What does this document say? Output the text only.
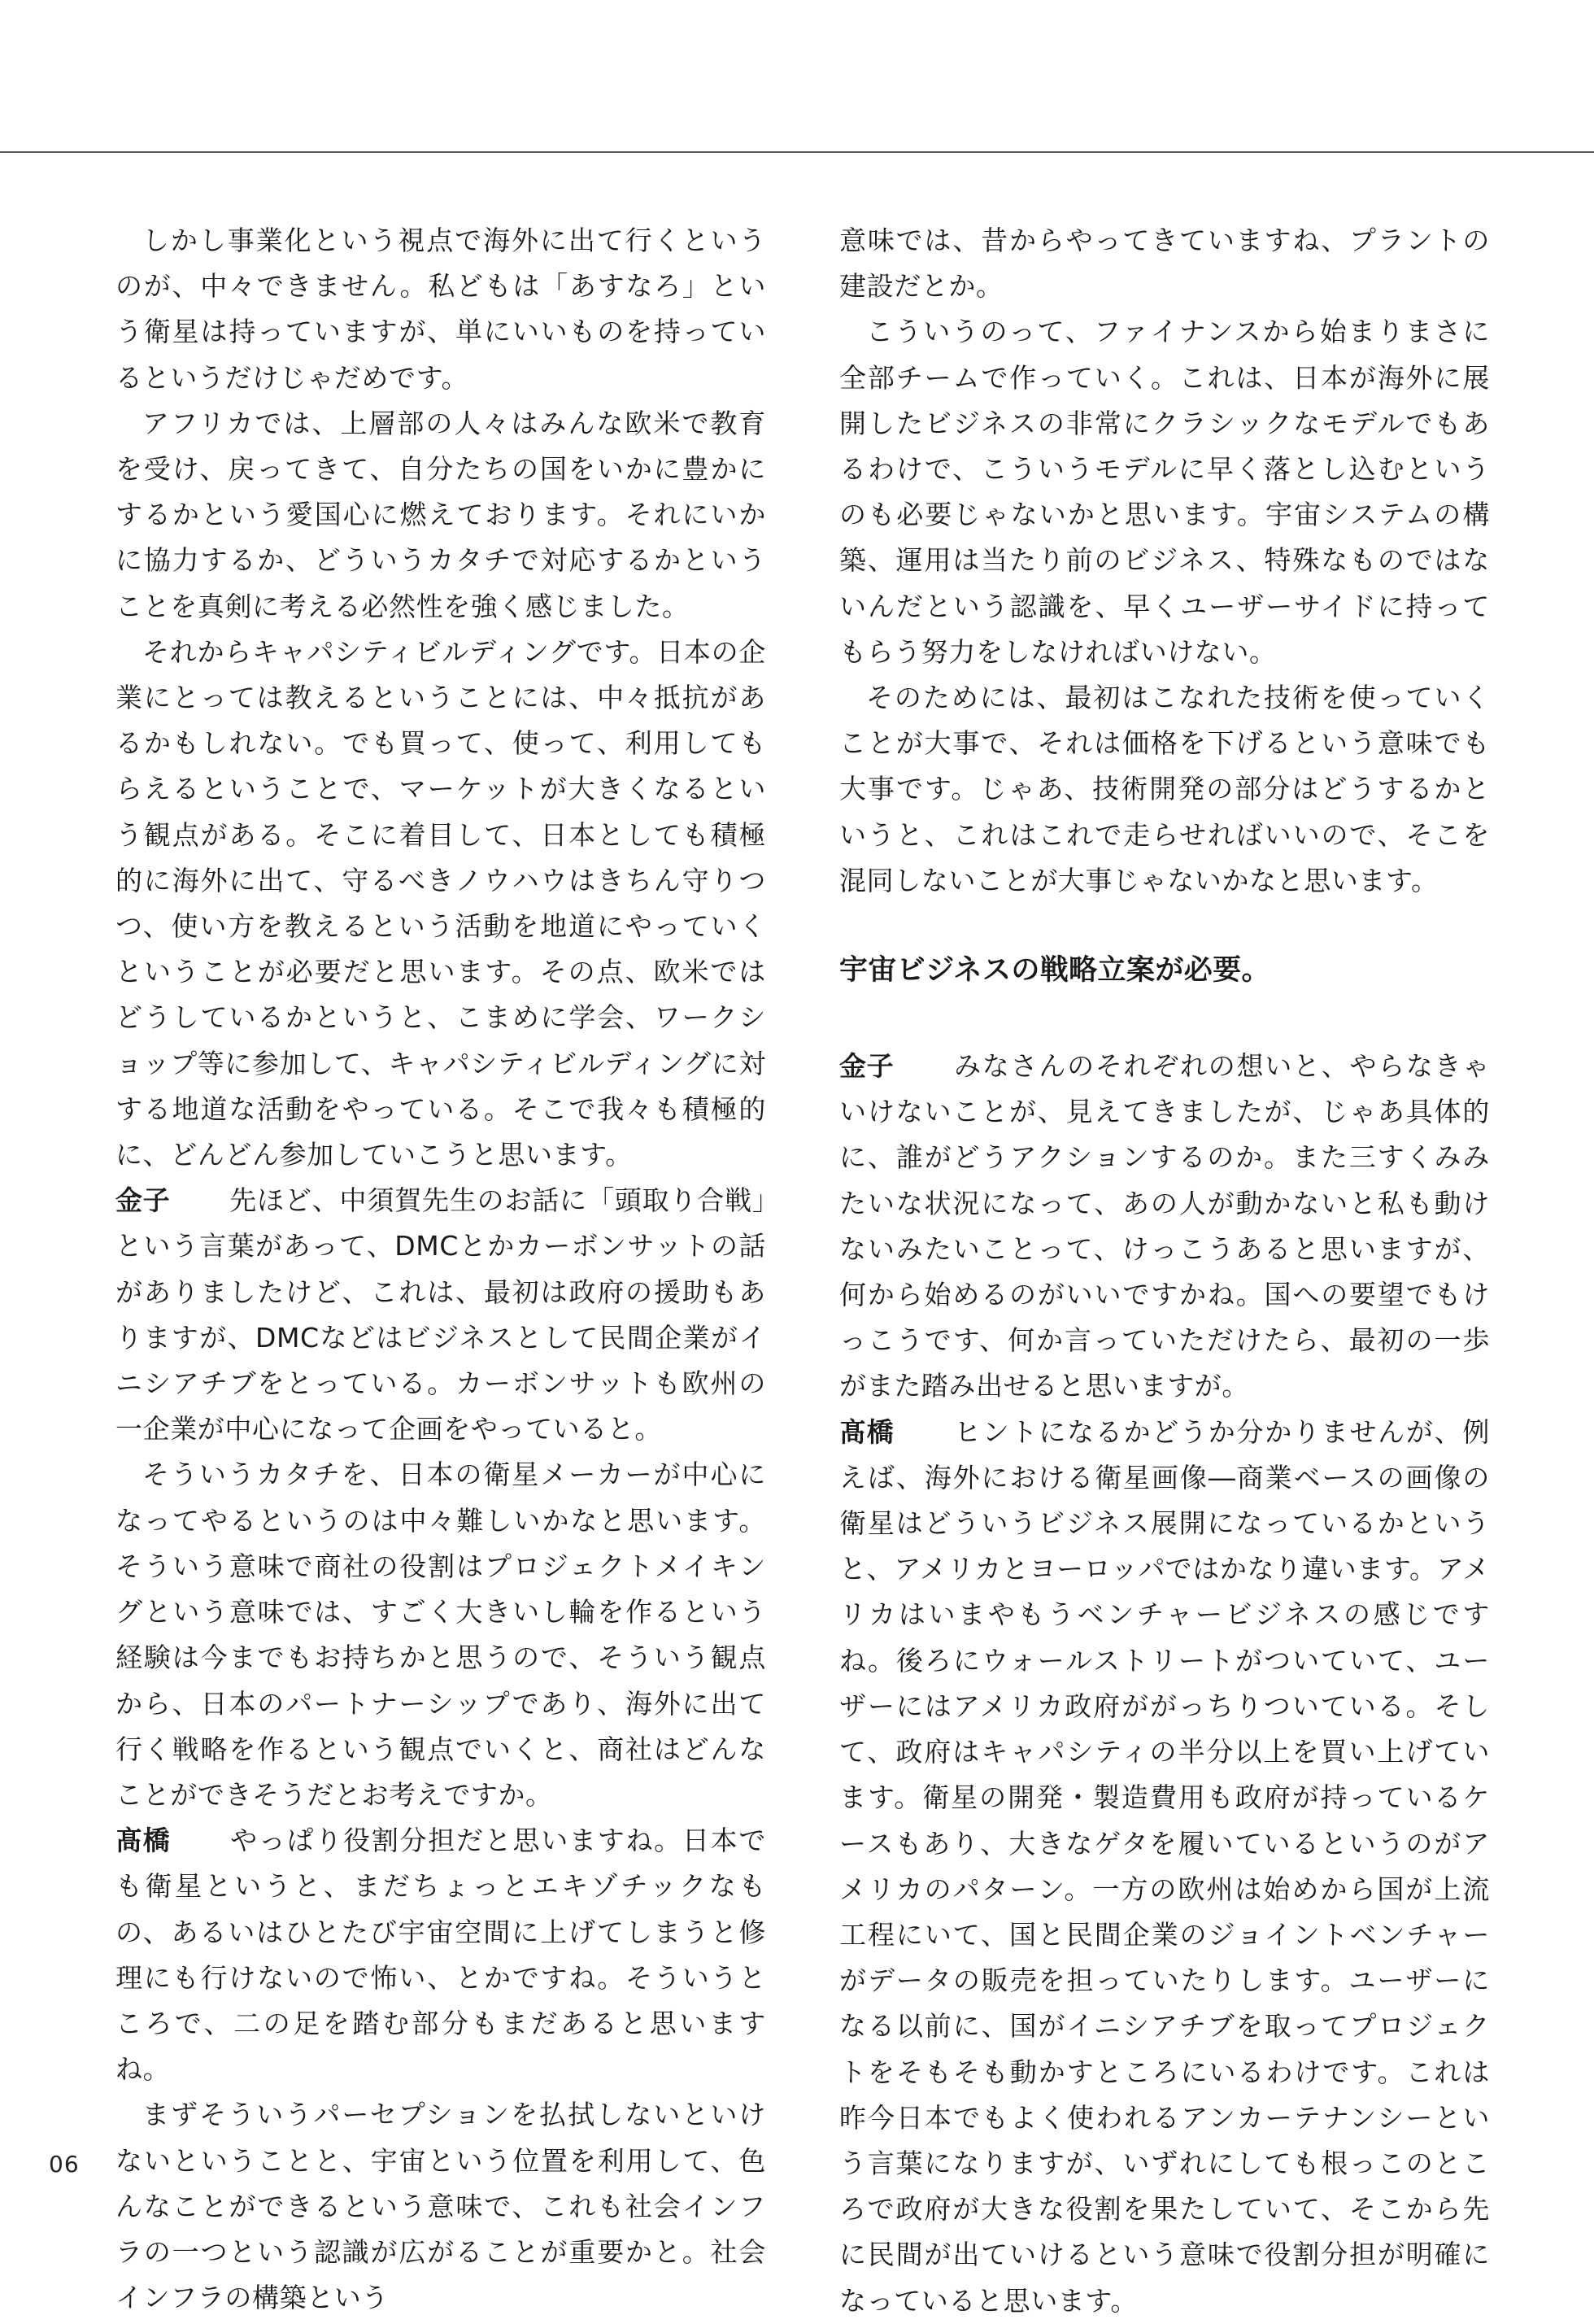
しかし事業化という視点で海外に出て行くというのが、中々できません。私どもは「あすなろ」という衛星は持っていますが、単にいいものを持っているというだけじゃだめです。

アフリカでは、上層部の人々はみんな欧米で教育を受け、戻ってきて、自分たちの国をいかに豊かにするかという愛国心に燃えております。それにいかに協力するか、どういうカタチで対応するかということを真剣に考える必然性を強く感じました。

それからキャパシティビルディングです。日本の企業にとっては教えるということには、中々抵抗があるかもしれない。でも買って、使って、利用してもらえるということで、マーケットが大きくなるという観点がある。そこに着目して、日本としても積極的に海外に出て、守るべきノウハウはきちん守りつつ、使い方を教えるという活動を地道にやっていくということが必要だと思います。その点、欧米ではどうしているかというと、こまめに学会、ワークショップ等に参加して、キャパシティビルディングに対する地道な活動をやっている。そこで我々も積極的に、どんどん参加していこうと思います。

金子 先ほど、中須賀先生のお話に「頭取り合戦」という言葉があって、DMCとかカーボンサットの話がありましたけど、これは、最初は政府の援助もありますが、DMCなどはビジネスとして民間企業がイニシアチブをとっている。カーボンサットも欧州の一企業が中心になって企画をやっていると。

そういうカタチを、日本の衛星メーカーが中心になってやるというのは中々難しいかなと思います。そういう意味で商社の役割はプロジェクトメイキングという意味では、すごく大きいし輪を作るという経験は今までもお持ちかと思うので、そういう観点から、日本のパートナーシップであり、海外に出て行く戦略を作るという観点でいくと、商社はどんなことができそうだとお考えですか。

髙橋 やっぱり役割分担だと思いますね。日本でも衛星というと、まだちょっとエキゾチックなもの、あるいはひとたび宇宙空間に上げてしまうと修理にも行けないので怖い、とかですね。そういうところで、二の足を踏む部分もまだあると思いますね。

まずそういうパーセプションを払拭しないといけないということと、宇宙という位置を利用して、色んなことができるという意味で、これも社会インフラの一つという認識が広がることが重要かと。社会インフラの構築という

意味では、昔からやってきていますね、プラントの建設だとか。

こういうのって、ファイナンスから始まりまさに全部チームで作っていく。これは、日本が海外に展開したビジネスの非常にクラシックなモデルでもあるわけで、こういうモデルに早く落とし込むというのも必要じゃないかと思います。宇宙システムの構築、運用は当たり前のビジネス、特殊なものではないんだという認識を、早くユーザーサイドに持ってもらう努力をしなければいけない。

そのためには、最初はこなれた技術を使っていくことが大事で、それは価格を下げるという意味でも大事です。じゃあ、技術開発の部分はどうするかというと、これはこれで走らせればいいので、そこを混同しないことが大事じゃないかなと思います。

宇宙ビジネスの戦略立案が必要。

金子 みなさんのそれぞれの想いと、やらなきゃいけないことが、見えてきましたが、じゃあ具体的に、誰がどうアクションするのか。また三すくみみたいな状況になって、あの人が動かないと私も動けないみたいことって、けっこうあると思いますが、何から始めるのがいいですかね。国への要望でもけっこうです、何か言っていただけたら、最初の一歩がまた踏み出せると思いますが。

髙橋 ヒントになるかどうか分かりませんが、例えば、海外における衛星画像―商業ベースの画像の衛星はどういうビジネス展開になっているかというと、アメリカとヨーロッパではかなり違います。アメリカはいまやもうベンチャービジネスの感じですね。後ろにウォールストリートがついていて、ユーザーにはアメリカ政府ががっちりついている。そして、政府はキャパシティの半分以上を買い上げています。衛星の開発・製造費用も政府が持っているケースもあり、大きなゲタを履いているというのがアメリカのパターン。一方の欧州は始めから国が上流工程にいて、国と民間企業のジョイントベンチャーがデータの販売を担っていたりします。ユーザーになる以前に、国がイニシアチブを取ってプロジェクトをそもそも動かすところにいるわけです。これは昨今日本でもよく使われるアンカーテナンシーという言葉になりますが、いずれにしても根っこのところで政府が大きな役割を果たしていて、そこから先に民間が出ていけるという意味で役割分担が明確になっていると思います。

06
